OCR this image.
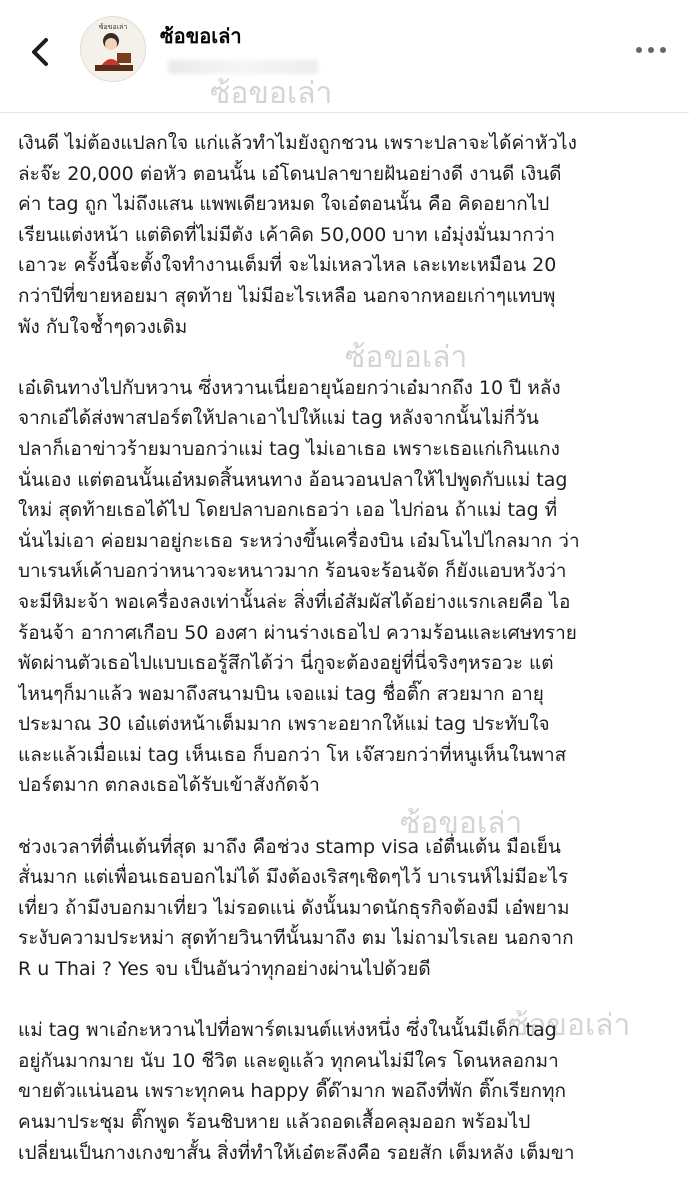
ซ้อขอเล่า ซ้อขอเล่า
ซ้อขอเล่า
ซ้อขอเล่า
ซ้อขอเล่า
ซ้อขอเล่า
เงินดี ไม่ต้องแปลกใจ แก่แล้วทำไมยังถูกชวน เพราะปลาจะได้ค่าหัวไง
ล่ะจ๊ะ 20,000 ต่อหัว ตอนนั้น เอ๋โดนปลาขายฝันอย่างดี งานดี เงินดี
ค่า tag ถูก ไม่ถึงแสน แพพเดียวหมด ใจเอ๋ตอนนั้น คือ คิดอยากไป
เรียนแต่งหน้า แต่ติดที่ไม่มีตัง เค้าคิด 50,000 บาท เอ๋มุ่งมั่นมากว่า
เอาวะ ครั้งนี้จะตั้งใจทำงานเต็มที่ จะไม่เหลวไหล เละเทะเหมือน 20
กว่าปีที่ขายหอยมา สุดท้าย ไม่มีอะไรเหลือ นอกจากหอยเก่าๆแทบพุ
พัง กับใจช้ำๆดวงเดิม
เอ๋เดินทางไปกับหวาน ซึ่งหวานเนี่ยอายุน้อยกว่าเอ๋มากถึง 10 ปี หลัง
จากเอ๋ได้ส่งพาสปอร์ตให้ปลาเอาไปให้แม่ tag หลังจากนั้นไม่กี่วัน
ปลาก็เอาข่าวร้ายมาบอกว่าแม่ tag ไม่เอาเธอ เพราะเธอแก่เกินแกง
นั่นเอง แต่ตอนนั้นเอ๋หมดสิ้นหนทาง อ้อนวอนปลาให้ไปพูดกับแม่ tag
ใหม่ สุดท้ายเธอได้ไป โดยปลาบอกเธอว่า เออ ไปก่อน ถ้าแม่ tag ที่
นั่นไม่เอา ค่อยมาอยู่กะเธอ ระหว่างขึ้นเครื่องบิน เอ๋มโนไปไกลมาก ว่า
บาเรนห์เค้าบอกว่าหนาวจะหนาวมาก ร้อนจะร้อนจัด ก็ยังแอบหวังว่า
จะมีหิมะจ้า พอเครื่องลงเท่านั้นล่ะ สิ่งที่เอ๋สัมผัสได้อย่างแรกเลยคือ ไอ
ร้อนจ้า อากาศเกือบ 50 องศา ผ่านร่างเธอไป ความร้อนและเศษทราย
พัดผ่านตัวเธอไปแบบเธอรู้สึกได้ว่า นี่กูจะต้องอยู่ที่นี่จริงๆหรอวะ แต่
ไหนๆก็มาแล้ว พอมาถึงสนามบิน เจอแม่ tag ชื่อติ๊ก สวยมาก อายุ
ประมาณ 30 เอ๋แต่งหน้าเต็มมาก เพราะอยากให้แม่ tag ประทับใจ
และแล้วเมื่อแม่ tag เห็นเธอ ก็บอกว่า โห เจ๊สวยกว่าที่หนูเห็นในพาส
ปอร์ตมาก ตกลงเธอได้รับเข้าสังกัดจ้า
ช่วงเวลาที่ตื่นเต้นที่สุด มาถึง คือช่วง stamp visa เอ๋ตื่นเต้น มือเย็น
สั่นมาก แต่เพื่อนเธอบอกไม่ได้ มึงต้องเริสๆเชิดๆไว้ บาเรนห์ไม่มีอะไร
เที่ยว ถ้ามึงบอกมาเที่ยว ไม่รอดแน่ ดังนั้นมาดนักธุรกิจต้องมี เอ๋พยาม
ระงับความประหม่า สุดท้ายวินาทีนั้นมาถึง ตม ไม่ถามไรเลย นอกจาก
R u Thai ? Yes จบ เป็นอันว่าทุกอย่างผ่านไปด้วยดี
แม่ tag พาเอ๋กะหวานไปที่อพาร์ตเมนต์แห่งหนึ่ง ซึ่งในนั้นมีเด็ก tag
อยู่กันมากมาย นับ 10 ชีวิต และดูแล้ว ทุกคนไม่มีใคร โดนหลอกมา
ขายตัวแน่นอน เพราะทุกคน happy ดี๊ด๊ามาก พอถึงที่พัก ติ๊กเรียกทุก
คนมาประชุม ติ๊กพูด ร้อนชิบหาย แล้วถอดเสื้อคลุมออก พร้อมไป
เปลี่ยนเป็นกางเกงขาสั้น สิ่งที่ทำให้เอ๋ตะลึงคือ รอยสัก เต็มหลัง เต็มขา
